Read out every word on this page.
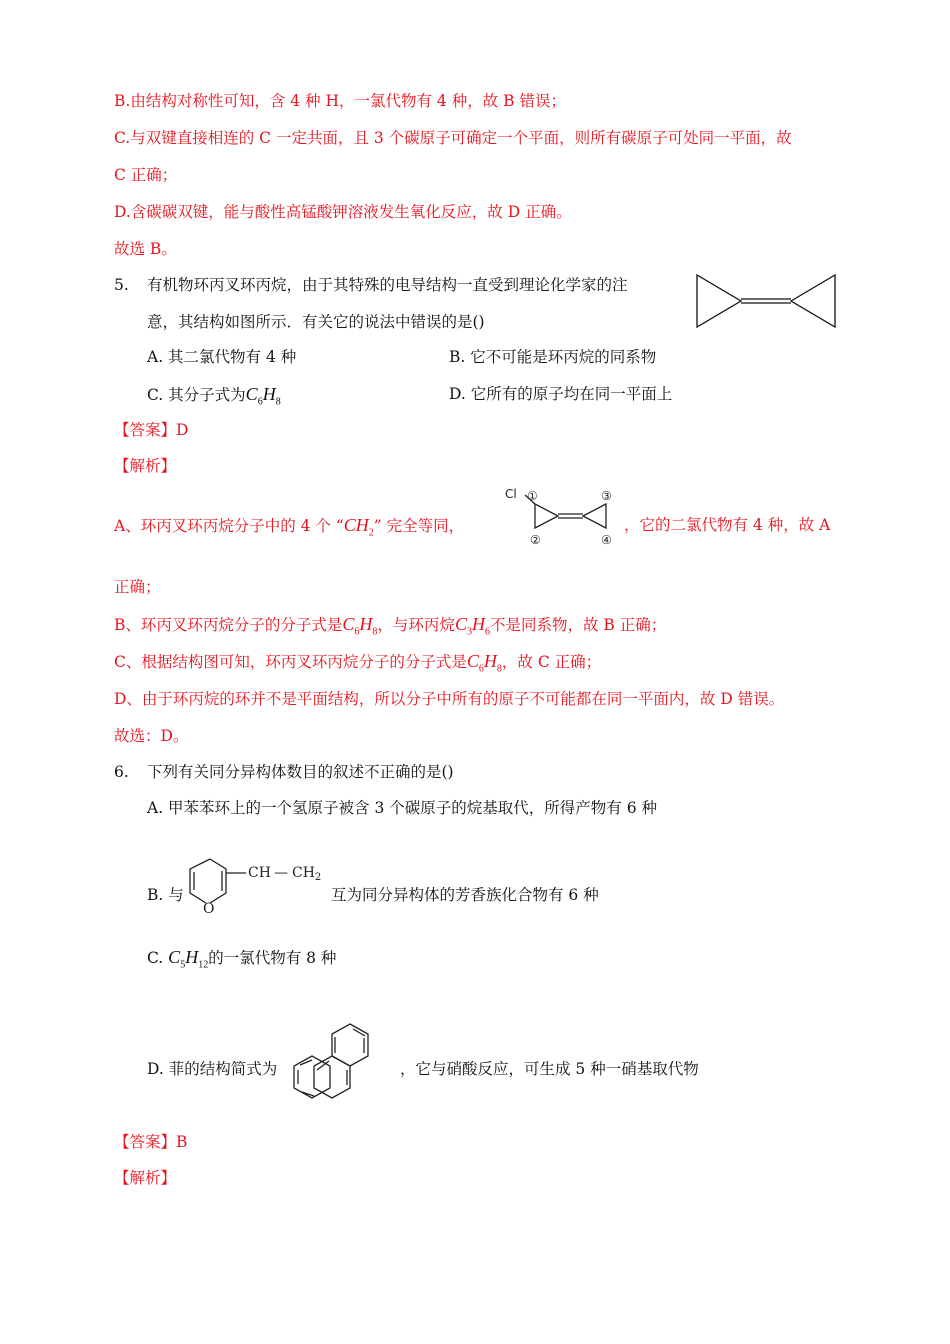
B.由结构对称性可知，含 4 种 H，一氯代物有 4 种，故 B 错误；
C.与双键直接相连的 C 一定共面，且 3 个碳原子可确定一个平面，则所有碳原子可处同一平面，故
C 正确；
D.含碳碳双键，能与酸性高锰酸钾溶液发生氧化反应，故 D 正确。
故选 B。
5. 有机物环丙叉环丙烷，由于其特殊的电导结构一直受到理论化学家的注
意，其结构如图所示．有关它的说法中错误的是()
A. 其二氯代物有 4 种	B. 它不可能是环丙烷的同系物
C. 其分子式为$C_6H_8$	D. 它所有的原子均在同一平面上
【答案】D
【解析】
A、环丙叉环丙烷分子中的 4 个 “$CH_2$” 完全等同，
Cl ①
②
③
④
，它的二氯代物有 4 种，故 A
正确；
B、环丙叉环丙烷分子的分子式是$C_6H_8$，与环丙烷$C_3H_6$不是同系物，故 B 正确；
C、根据结构图可知，环丙叉环丙烷分子的分子式是$C_6H_8$，故 C 正确；
D、由于环丙烷的环并不是平面结构，所以分子中所有的原子不可能都在同一平面内，故 D 错误。
故选：D。
6. 下列有关同分异构体数目的叙述不正确的是()
A. 甲苯苯环上的一个氢原子被含 3 个碳原子的烷基取代，所得产物有 6 种
B. 与
O
CH — $CH_2$
互为同分异构体的芳香族化合物有 6 种
C. $C_5H_{12}$的一氯代物有 8 种
D. 菲的结构简式为	，它与硝酸反应，可生成 5 种一硝基取代物
【答案】B
【解析】
